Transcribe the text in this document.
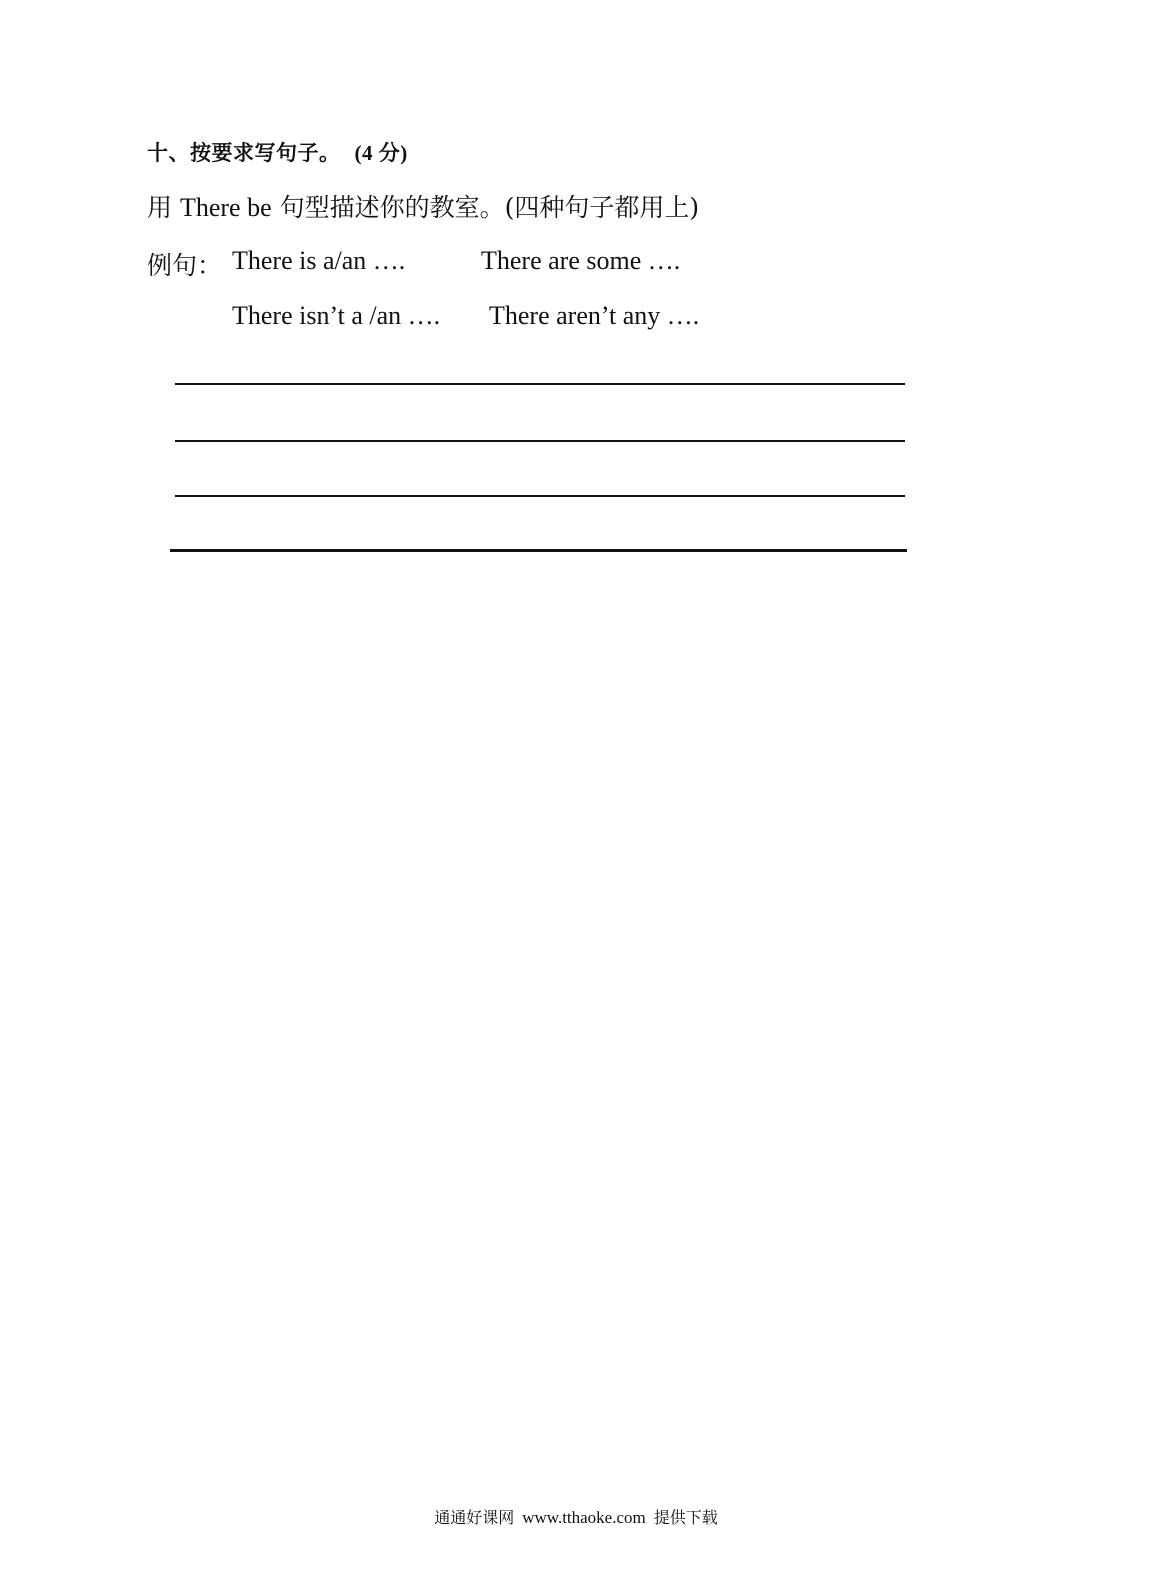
十、按要求写句子。 (4 分)
用 There be 句型描述你的教室。(四种句子都用上)
例句： There is a/an ….	There are some ….
There isn’t a /an …. There aren’t any ….
通通好课网 www.tthaoke.com 提供下载
